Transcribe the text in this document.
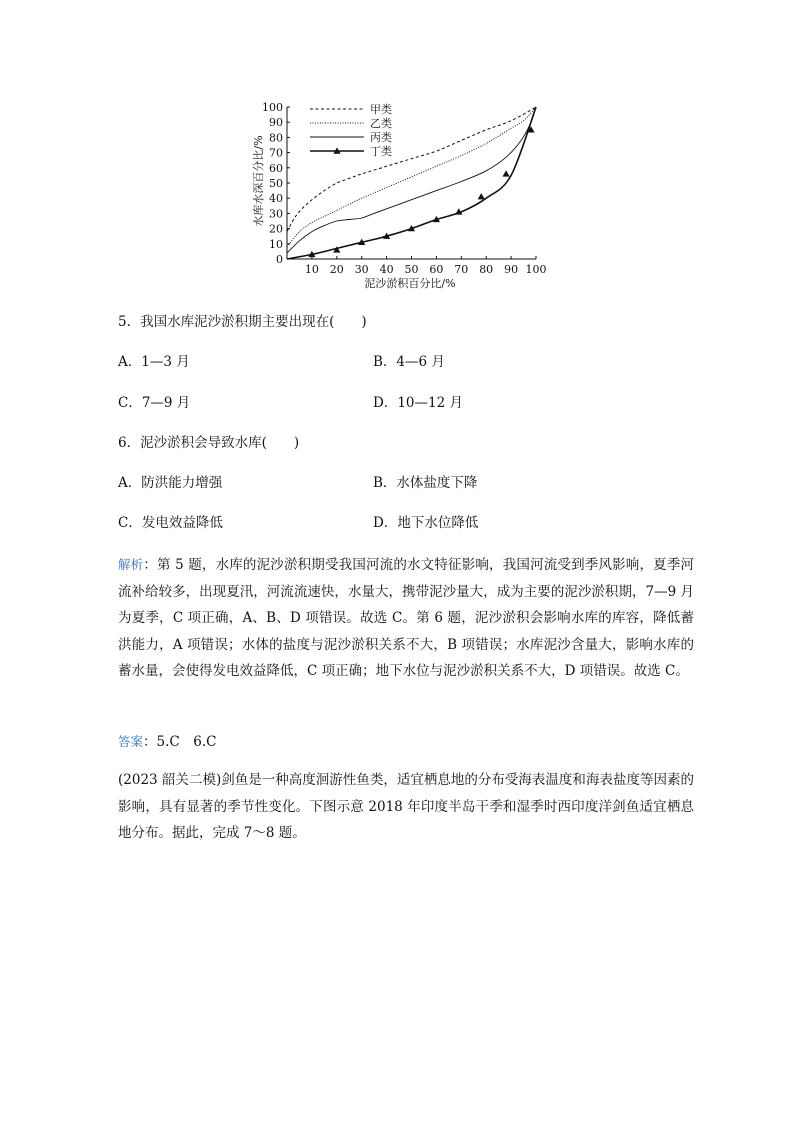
10 20 30 40 50 60 70 80 90 100
0
10
20
30
40
50
60
70
80
90
100	甲类
乙类
丙类
丁类
水库水深百分比/%
泥沙淤积百分比/%
5．我国水库泥沙淤积期主要出现在(　　)
A．1—3 月	B．4—6 月
C．7—9 月	D．10—12 月
6．泥沙淤积会导致水库(　　)
A．防洪能力增强	B．水体盐度下降
C．发电效益降低	D．地下水位降低
解析：第 5 题，水库的泥沙淤积期受我国河流的水文特征影响，我国河流受到季风影响，夏季河流补给较多，出现夏汛，河流流速快，水量大，携带泥沙量大，成为主要的泥沙淤积期，7—9 月为夏季，C 项正确，A、B、D 项错误。故选 C。第 6 题，泥沙淤积会影响水库的库容，降低蓄洪能力，A 项错误；水体的盐度与泥沙淤积关系不大，B 项错误；水库泥沙含量大，影响水库的蓄水量，会使得发电效益降低，C 项正确；地下水位与泥沙淤积关系不大，D 项错误。故选 C。
答案：5.C　6.C
(2023 韶关二模)剑鱼是一种高度洄游性鱼类，适宜栖息地的分布受海表温度和海表盐度等因素的影响，具有显著的季节性变化。下图示意 2018 年印度半岛干季和湿季时西印度洋剑鱼适宜栖息地分布。据此，完成 7～8 题。
